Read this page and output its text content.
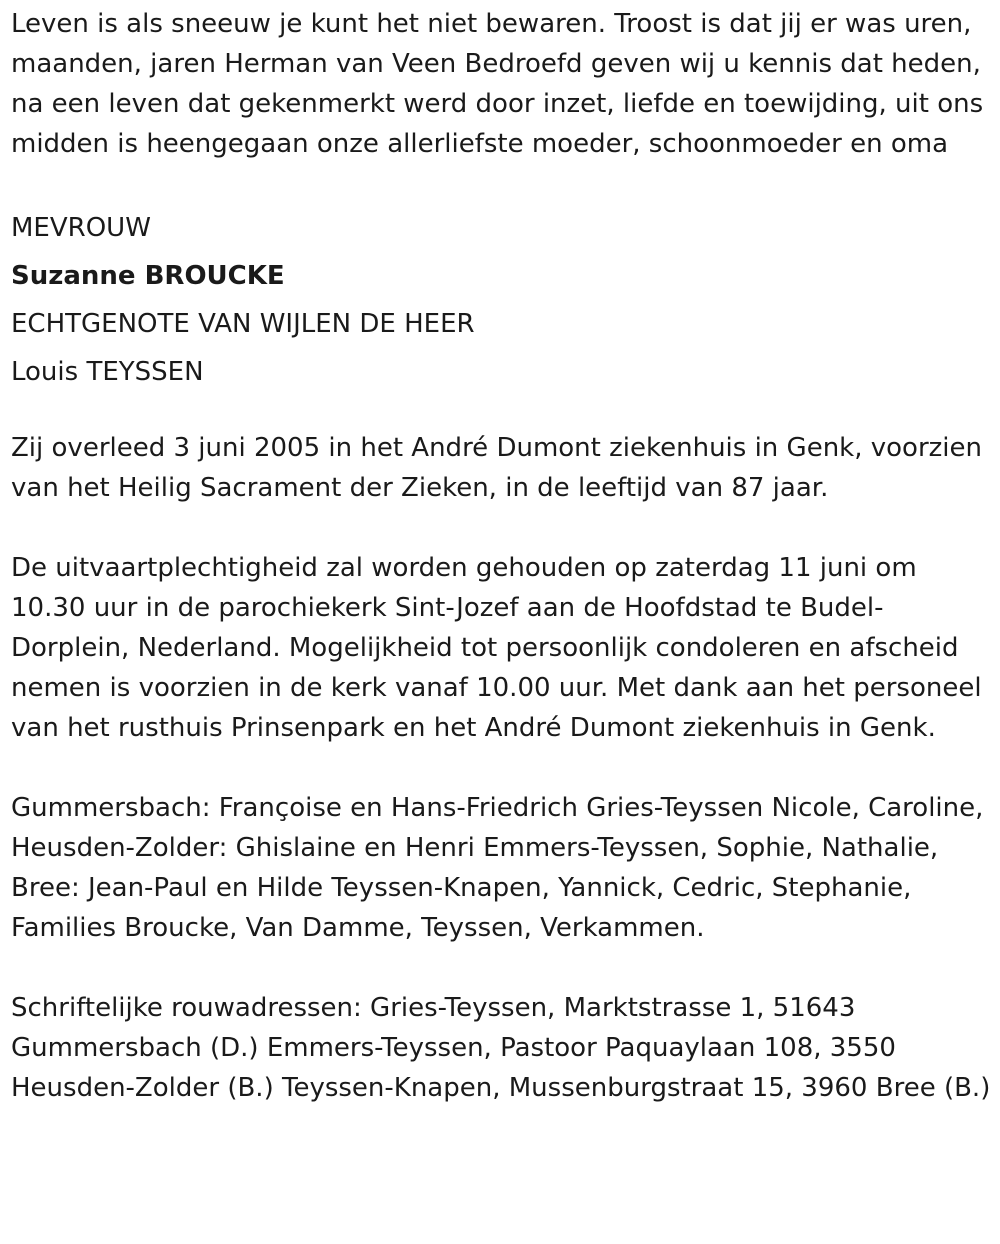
Leven is als sneeuw je kunt het niet bewaren. Troost is dat jij er was uren, maanden, jaren Herman van Veen Bedroefd geven wij u kennis dat heden, na een leven dat gekenmerkt werd door inzet, liefde en toewijding, uit ons midden is heengegaan onze allerliefste moeder, schoonmoeder en oma

MEVROUW

Suzanne BROUCKE

ECHTGENOTE VAN WIJLEN DE HEER

Louis TEYSSEN

Zij overleed 3 juni 2005 in het André Dumont ziekenhuis in Genk, voorzien van het Heilig Sacrament der Zieken, in de leeftijd van 87 jaar.

De uitvaartplechtigheid zal worden gehouden op zaterdag 11 juni om 10.30 uur in de parochiekerk Sint-Jozef aan de Hoofdstad te Budel-Dorplein, Nederland. Mogelijkheid tot persoonlijk condoleren en afscheid nemen is voorzien in de kerk vanaf 10.00 uur. Met dank aan het personeel van het rusthuis Prinsenpark en het André Dumont ziekenhuis in Genk.

Gummersbach: Françoise en Hans-Friedrich Gries-Teyssen Nicole, Caroline, Heusden-Zolder: Ghislaine en Henri Emmers-Teyssen, Sophie, Nathalie, Bree: Jean-Paul en Hilde Teyssen-Knapen, Yannick, Cedric, Stephanie, Families Broucke, Van Damme, Teyssen, Verkammen.

Schriftelijke rouwadressen: Gries-Teyssen, Marktstrasse 1, 51643 Gummersbach (D.) Emmers-Teyssen, Pastoor Paquaylaan 108, 3550 Heusden-Zolder (B.) Teyssen-Knapen, Mussenburgstraat 15, 3960 Bree (B.)
